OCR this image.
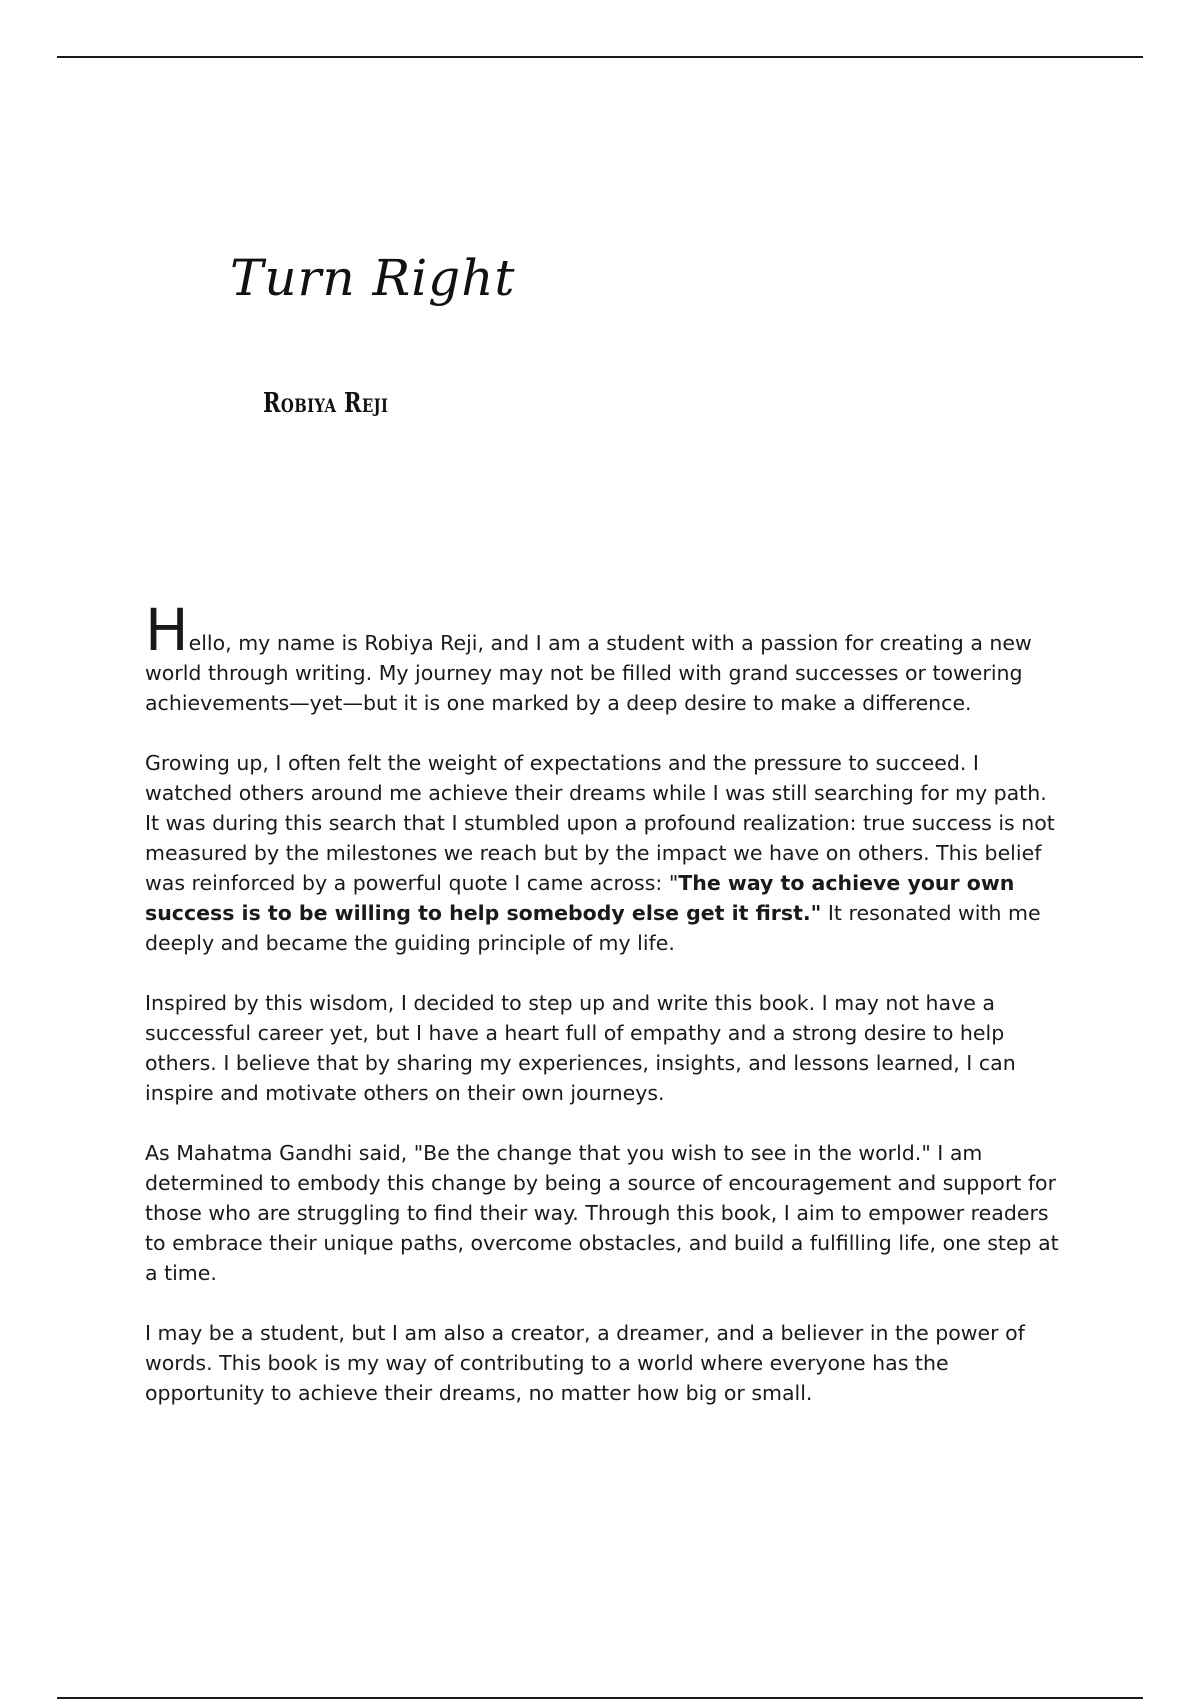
Turn Right
Robiya Reji

Hello, my name is Robiya Reji, and I am a student with a passion for creating a new world through writing. My journey may not be filled with grand successes or towering achievements—yet—but it is one marked by a deep desire to make a difference.

Growing up, I often felt the weight of expectations and the pressure to succeed. I watched others around me achieve their dreams while I was still searching for my path. It was during this search that I stumbled upon a profound realization: true success is not measured by the milestones we reach but by the impact we have on others. This belief was reinforced by a powerful quote I came across: "The way to achieve your own success is to be willing to help somebody else get it first." It resonated with me deeply and became the guiding principle of my life.

Inspired by this wisdom, I decided to step up and write this book. I may not have a successful career yet, but I have a heart full of empathy and a strong desire to help others. I believe that by sharing my experiences, insights, and lessons learned, I can inspire and motivate others on their own journeys.

As Mahatma Gandhi said, "Be the change that you wish to see in the world." I am determined to embody this change by being a source of encouragement and support for those who are struggling to find their way. Through this book, I aim to empower readers to embrace their unique paths, overcome obstacles, and build a fulfilling life, one step at a time.

I may be a student, but I am also a creator, a dreamer, and a believer in the power of words. This book is my way of contributing to a world where everyone has the opportunity to achieve their dreams, no matter how big or small.
